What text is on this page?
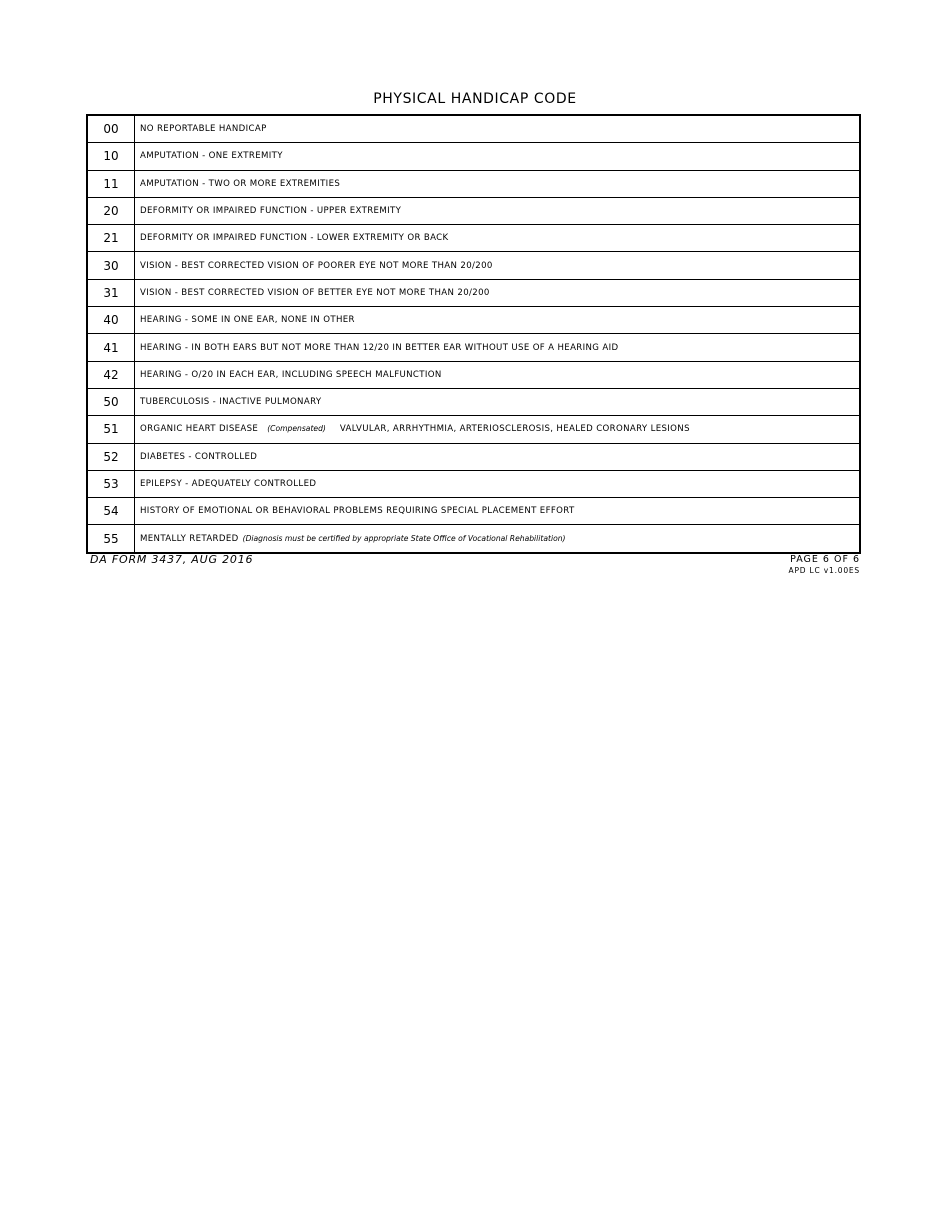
PHYSICAL HANDICAP CODE
00	NO REPORTABLE HANDICAP
10	AMPUTATION - ONE EXTREMITY
11	AMPUTATION - TWO OR MORE EXTREMITIES
20	DEFORMITY OR IMPAIRED FUNCTION - UPPER EXTREMITY
21	DEFORMITY OR IMPAIRED FUNCTION - LOWER EXTREMITY OR BACK
30	VISION - BEST CORRECTED VISION OF POORER EYE NOT MORE THAN 20/200
31	VISION - BEST CORRECTED VISION OF BETTER EYE NOT MORE THAN 20/200
40	HEARING - SOME IN ONE EAR, NONE IN OTHER
41	HEARING - IN BOTH EARS BUT NOT MORE THAN 12/20 IN BETTER EAR WITHOUT USE OF A HEARING AID
42	HEARING - O/20 IN EACH EAR, INCLUDING SPEECH MALFUNCTION
50	TUBERCULOSIS - INACTIVE PULMONARY
51	ORGANIC HEART DISEASE (Compensated) VALVULAR, ARRHYTHMIA, ARTERIOSCLEROSIS, HEALED CORONARY LESIONS
52	DIABETES - CONTROLLED
53	EPILEPSY - ADEQUATELY CONTROLLED
54	HISTORY OF EMOTIONAL OR BEHAVIORAL PROBLEMS REQUIRING SPECIAL PLACEMENT EFFORT
55	MENTALLY RETARDED (Diagnosis must be certified by appropriate State Office of Vocational Rehabilitation)
DA FORM 3437, AUG 2016	PAGE 6 OF 6
APD LC v1.00ES
